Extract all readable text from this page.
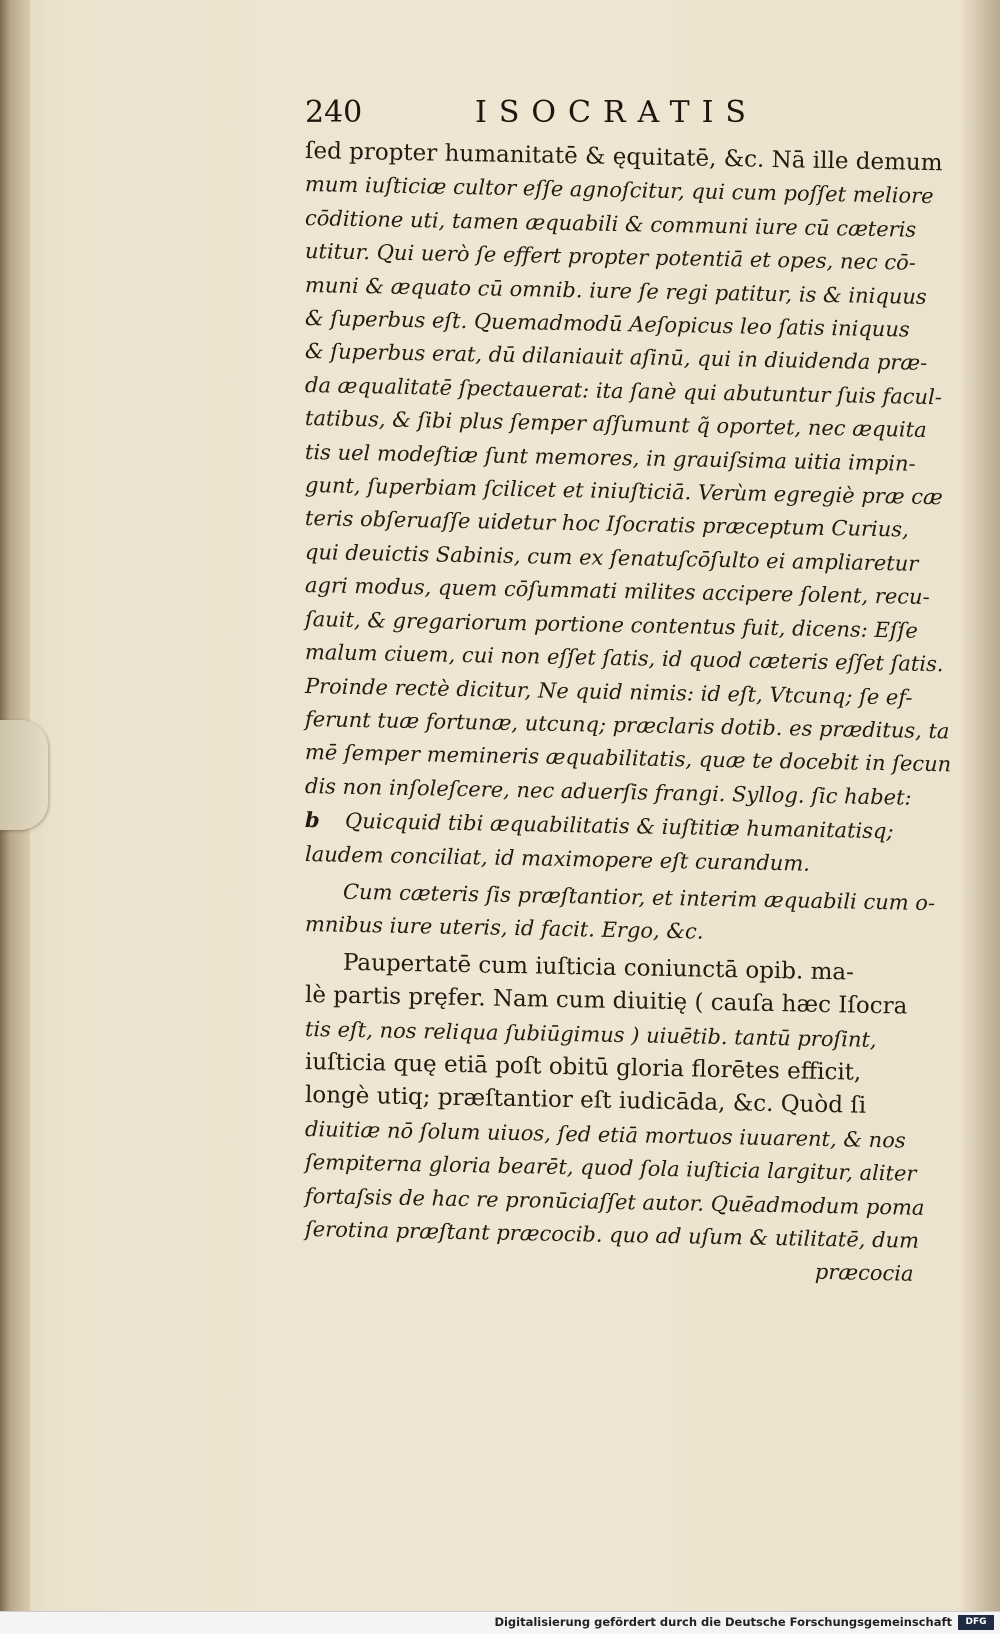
240	ISOCRATIS
ſed propter humanitatē & ęquitatē, &c. Nā ille demum
mum iuſticiæ cultor eſſe agnoſcitur, qui cum poſſet meliore
cōditione uti, tamen æquabili & communi iure cū cæteris
utitur. Qui uerò ſe effert propter potentiā et opes, nec cō-
muni & æquato cū omnib. iure ſe regi patitur, is & iniquus
& ſuperbus eſt. Quemadmodū Aeſopicus leo ſatis iniquus
& ſuperbus erat, dū dilaniauit aſinū, qui in diuidenda præ-
da æqualitatē ſpectauerat: ita ſanè qui abutuntur ſuis facul-
tatibus, & ſibi plus ſemper aſſumunt q̃ oportet, nec æquita
tis uel modeſtiæ ſunt memores, in grauiſsima uitia impin-
gunt, ſuperbiam ſcilicet et iniuſticiā. Verùm egregiè præ cæ
teris obſeruaſſe uidetur hoc Iſocratis præceptum Curius,
qui deuictis Sabinis, cum ex ſenatuſcōſulto ei ampliaretur
agri modus, quem cōſummati milites accipere ſolent, recu-
ſauit, & gregariorum portione contentus fuit, dicens: Eſſe
malum ciuem, cui non eſſet ſatis, id quod cæteris eſſet ſatis.
Proinde rectè dicitur, Ne quid nimis: id eſt, Vtcunq; ſe ef-
ferunt tuæ fortunæ, utcunq; præclaris dotib. es præditus, ta
mē ſemper memineris æquabilitatis, quæ te docebit in ſecun
dis non inſoleſcere, nec aduerſis frangi. Syllog. ſic habet:
b Quicquid tibi æquabilitatis & iuſtitiæ humanitatisq;
laudem conciliat, id maximopere eſt curandum.
Cum cæteris ſis præſtantior, et interim æquabili cum o-
mnibus iure uteris, id facit. Ergo, &c.
Paupertatē cum iuſticia coniunctā opib. ma-
lè partis pręfer. Nam cum diuitię ( cauſa hæc Iſocra
tis eſt, nos reliqua ſubiūgimus ) uiuētib. tantū proſint,
iuſticia quę etiā poſt obitū gloria florētes efficit,
longè utiq; præſtantior eſt iudicāda, &c. Quòd ſi
diuitiæ nō ſolum uiuos, ſed etiā mortuos iuuarent, & nos
ſempiterna gloria bearēt, quod ſola iuſticia largitur, aliter
fortaſsis de hac re pronūciaſſet autor. Quēadmodum poma
ſerotina præſtant præcocib. quo ad uſum & utilitatē, dum
præcocia
Digitalisierung gefördert durch die Deutsche Forschungsgemeinschaft	DFG
